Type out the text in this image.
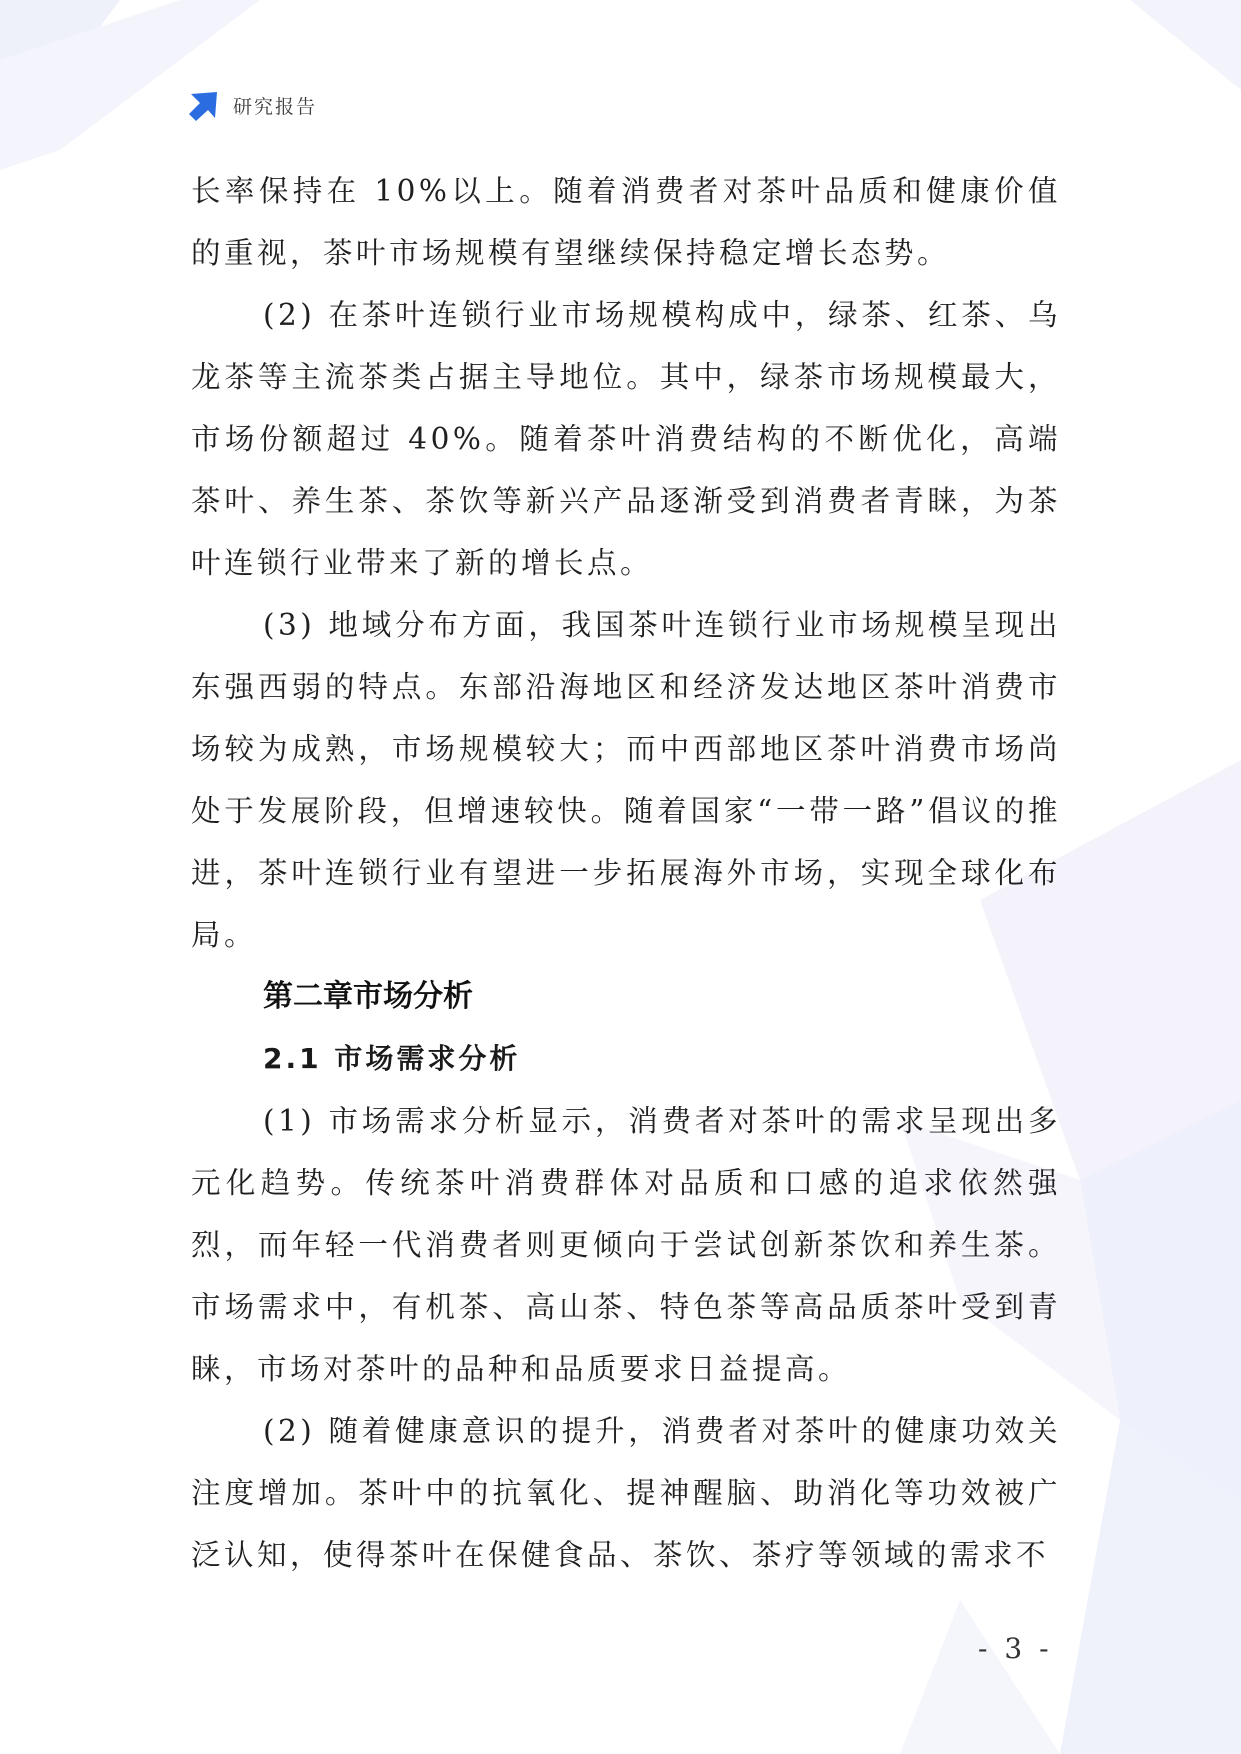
研究报告

长率保持在 10%以上。随着消费者对茶叶品质和健康价值的重视，茶叶市场规模有望继续保持稳定增长态势。

(2) 在茶叶连锁行业市场规模构成中，绿茶、红茶、乌龙茶等主流茶类占据主导地位。其中，绿茶市场规模最大，市场份额超过 40%。随着茶叶消费结构的不断优化，高端茶叶、养生茶、茶饮等新兴产品逐渐受到消费者青睐，为茶叶连锁行业带来了新的增长点。

(3) 地域分布方面，我国茶叶连锁行业市场规模呈现出东强西弱的特点。东部沿海地区和经济发达地区茶叶消费市场较为成熟，市场规模较大；而中西部地区茶叶消费市场尚处于发展阶段，但增速较快。随着国家“一带一路”倡议的推进，茶叶连锁行业有望进一步拓展海外市场，实现全球化布局。

第二章市场分析
2.1 市场需求分析

(1) 市场需求分析显示，消费者对茶叶的需求呈现出多元化趋势。传统茶叶消费群体对品质和口感的追求依然强烈，而年轻一代消费者则更倾向于尝试创新茶饮和养生茶。市场需求中，有机茶、高山茶、特色茶等高品质茶叶受到青睐，市场对茶叶的品种和品质要求日益提高。

(2) 随着健康意识的提升，消费者对茶叶的健康功效关注度增加。茶叶中的抗氧化、提神醒脑、助消化等功效被广泛认知，使得茶叶在保健食品、茶饮、茶疗等领域的需求不

- 3 -
